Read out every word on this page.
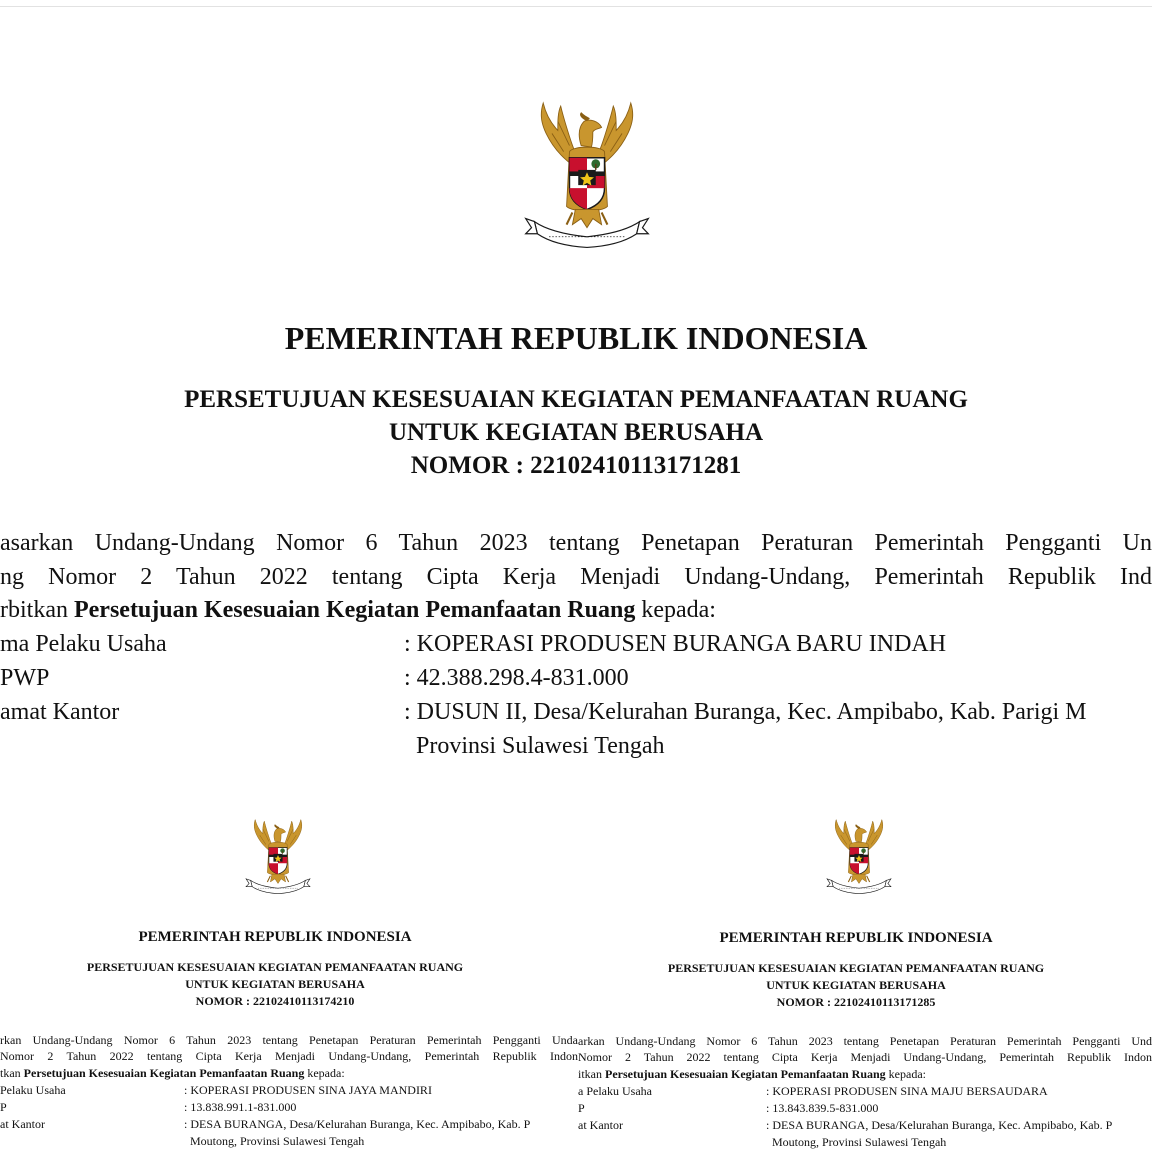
PEMERINTAH REPUBLIK INDONESIA
PERSETUJUAN KESESUAIAN KEGIATAN PEMANFAATAN RUANG
UNTUK KEGIATAN BERUSAHA
NOMOR : 22102410113171281
asarkan Undang-Undang Nomor 6 Tahun 2023 tentang Penetapan Peraturan Pemerintah Pengganti Un
ng Nomor 2 Tahun 2022 tentang Cipta Kerja Menjadi Undang-Undang, Pemerintah Republik Ind
rbitkan Persetujuan Kesesuaian Kegiatan Pemanfaatan Ruang kepada:
ma Pelaku Usaha	: KOPERASI PRODUSEN BURANGA BARU INDAH
PWP	: 42.388.298.4-831.000
amat Kantor	: DUSUN II, Desa/Kelurahan Buranga, Kec. Ampibabo, Kab. Parigi M
Provinsi Sulawesi Tengah
PEMERINTAH REPUBLIK INDONESIA
PERSETUJUAN KESESUAIAN KEGIATAN PEMANFAATAN RUANG
UNTUK KEGIATAN BERUSAHA
NOMOR : 22102410113174210
rkan Undang-Undang Nomor 6 Tahun 2023 tentang Penetapan Peraturan Pemerintah Pengganti Unda
Nomor 2 Tahun 2022 tentang Cipta Kerja Menjadi Undang-Undang, Pemerintah Republik Indon
tkan Persetujuan Kesesuaian Kegiatan Pemanfaatan Ruang kepada:
Pelaku Usaha	: KOPERASI PRODUSEN SINA JAYA MANDIRI
P	: 13.838.991.1-831.000
at Kantor	: DESA BURANGA, Desa/Kelurahan Buranga, Kec. Ampibabo, Kab. P
Moutong, Provinsi Sulawesi Tengah
PEMERINTAH REPUBLIK INDONESIA
PERSETUJUAN KESESUAIAN KEGIATAN PEMANFAATAN RUANG
UNTUK KEGIATAN BERUSAHA
NOMOR : 22102410113171285
arkan Undang-Undang Nomor 6 Tahun 2023 tentang Penetapan Peraturan Pemerintah Pengganti Und
Nomor 2 Tahun 2022 tentang Cipta Kerja Menjadi Undang-Undang, Pemerintah Republik Indon
itkan Persetujuan Kesesuaian Kegiatan Pemanfaatan Ruang kepada:
a Pelaku Usaha	: KOPERASI PRODUSEN SINA MAJU BERSAUDARA
P	: 13.843.839.5-831.000
at Kantor	: DESA BURANGA, Desa/Kelurahan Buranga, Kec. Ampibabo, Kab. P
Moutong, Provinsi Sulawesi Tengah
